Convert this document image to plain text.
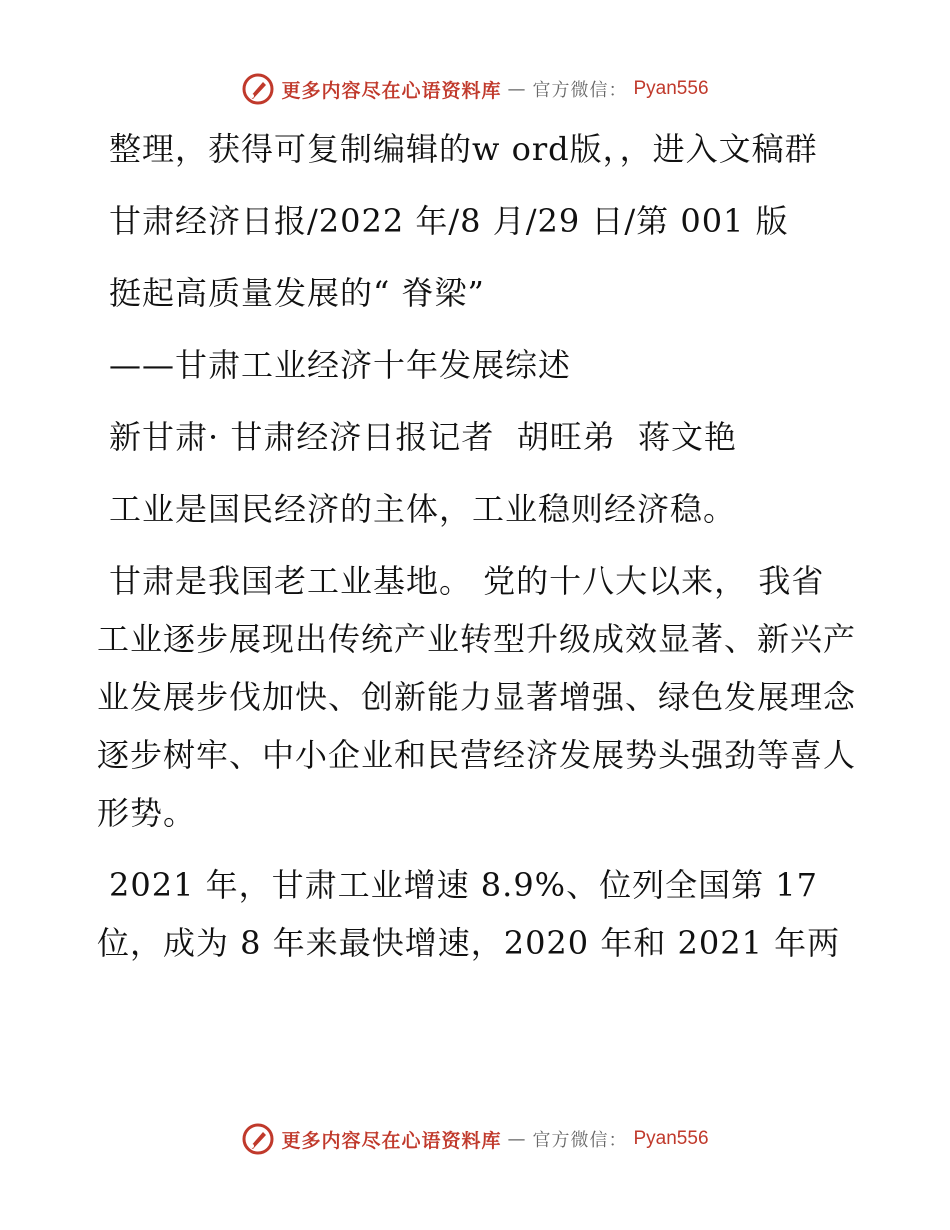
更多内容尽在心语资料库 — 官方微信： Pyan556

整理，获得可复制编辑的w ord版，，进入文稿群

甘肃经济日报/2022 年/8 月/29 日/第 001 版

挺起高质量发展的“ 脊梁”

——甘肃工业经济十年发展综述

新甘肃· 甘肃经济日报记者  胡旺弟  蒋文艳

工业是国民经济的主体，工业稳则经济稳。

甘肃是我国老工业基地。 党的十八大以来， 我省工业逐步展现出传统产业转型升级成效显著、新兴产业发展步伐加快、创新能力显著增强、绿色发展理念逐步树牢、中小企业和民营经济发展势头强劲等喜人形势。

2021 年，甘肃工业增速 8.9%、位列全国第 17 位，成为 8 年来最快增速，2020 年和 2021 年两

更多内容尽在心语资料库 — 官方微信： Pyan556
